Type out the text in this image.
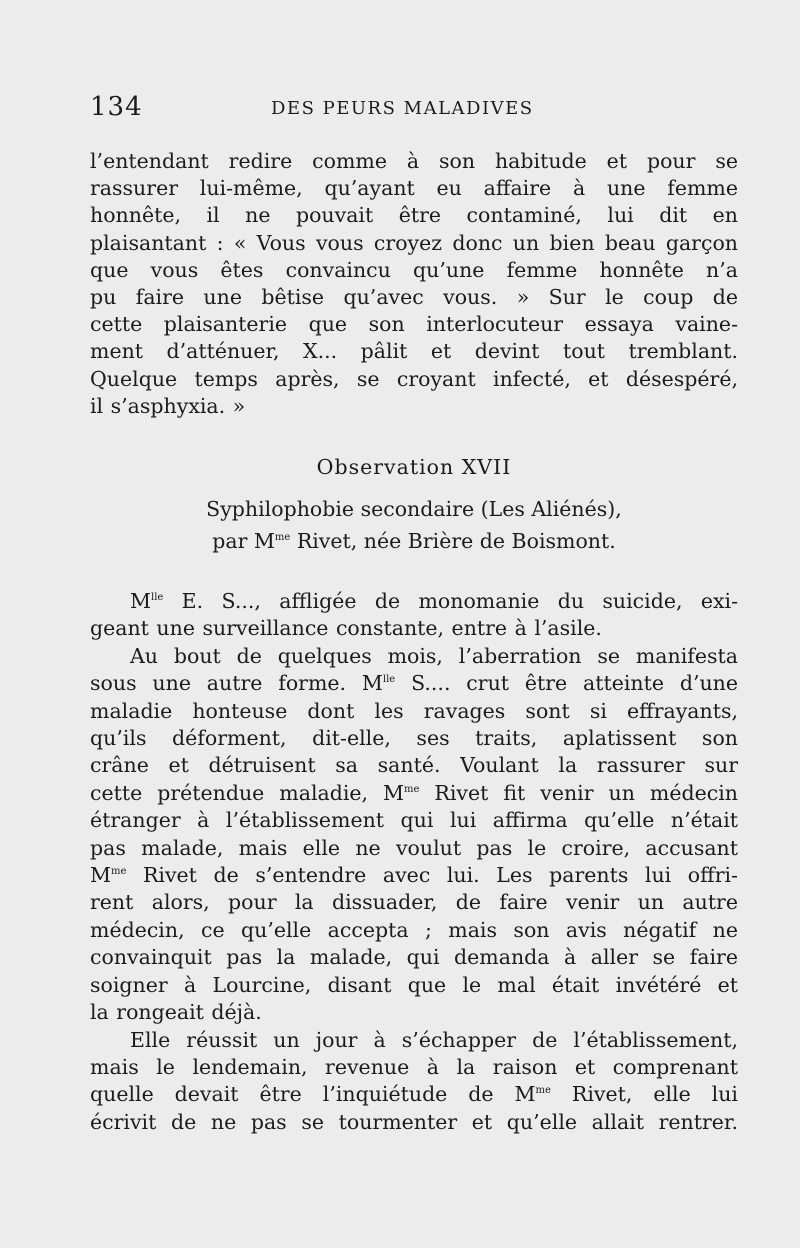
134	DES PEURS MALADIVES
l’entendant redire comme à son habitude et pour se
rassurer lui-même, qu’ayant eu affaire à une femme
honnête, il ne pouvait être contaminé, lui dit en
plaisantant : « Vous vous croyez donc un bien beau garçon
que vous êtes convaincu qu’une femme honnête n’a
pu faire une bêtise qu’avec vous. » Sur le coup de
cette plaisanterie que son interlocuteur essaya vaine-
ment d’atténuer, X... pâlit et devint tout tremblant.
Quelque temps après, se croyant infecté, et désespéré,
il s’asphyxia. »
Observation XVII
Syphilophobie secondaire (Les Aliénés),
par $M^{me}$ Rivet, née Brière de Boismont.
$M^{lle}$ E. S..., affligée de monomanie du suicide, exi-
geant une surveillance constante, entre à l’asile.
Au bout de quelques mois, l’aberration se manifesta
sous une autre forme. $M^{lle}$ S.... crut être atteinte d’une
maladie honteuse dont les ravages sont si effrayants,
qu’ils déforment, dit-elle, ses traits, aplatissent son
crâne et détruisent sa santé. Voulant la rassurer sur
cette prétendue maladie, $M^{me}$ Rivet fit venir un médecin
étranger à l’établissement qui lui affirma qu’elle n’était
pas malade, mais elle ne voulut pas le croire, accusant
$M^{me}$ Rivet de s’entendre avec lui. Les parents lui offri-
rent alors, pour la dissuader, de faire venir un autre
médecin, ce qu’elle accepta ; mais son avis négatif ne
convainquit pas la malade, qui demanda à aller se faire
soigner à Lourcine, disant que le mal était invétéré et
la rongeait déjà.
Elle réussit un jour à s’échapper de l’établissement,
mais le lendemain, revenue à la raison et comprenant
quelle devait être l’inquiétude de $M^{me}$ Rivet, elle lui
écrivit de ne pas se tourmenter et qu’elle allait rentrer.
